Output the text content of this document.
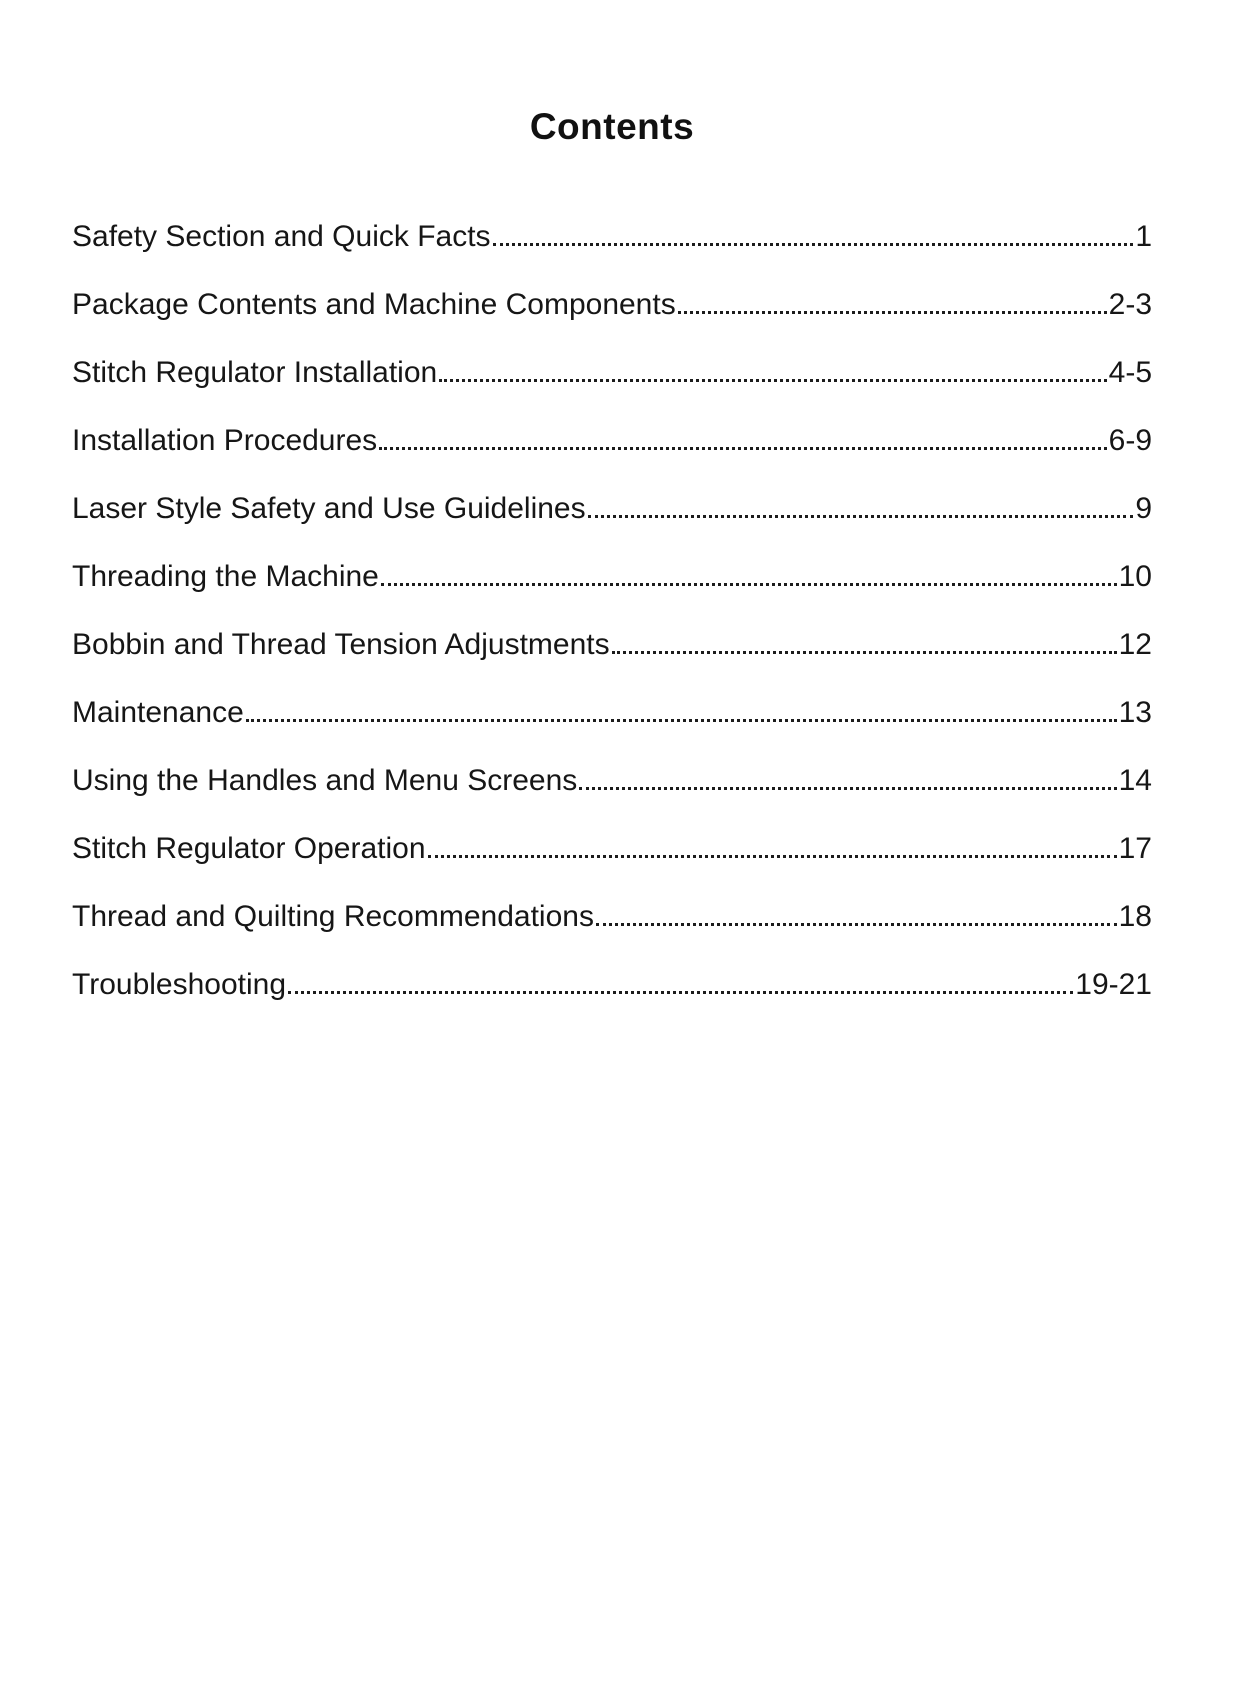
Contents
Safety Section and Quick Facts	1
Package Contents and Machine Components	2-3
Stitch Regulator Installation	4-5
Installation Procedures	6-9
Laser Style Safety and Use Guidelines	9
Threading the Machine	10
Bobbin and Thread Tension Adjustments	12
Maintenance	13
Using the Handles and Menu Screens	14
Stitch Regulator Operation	17
Thread and Quilting Recommendations	18
Troubleshooting	19-21
